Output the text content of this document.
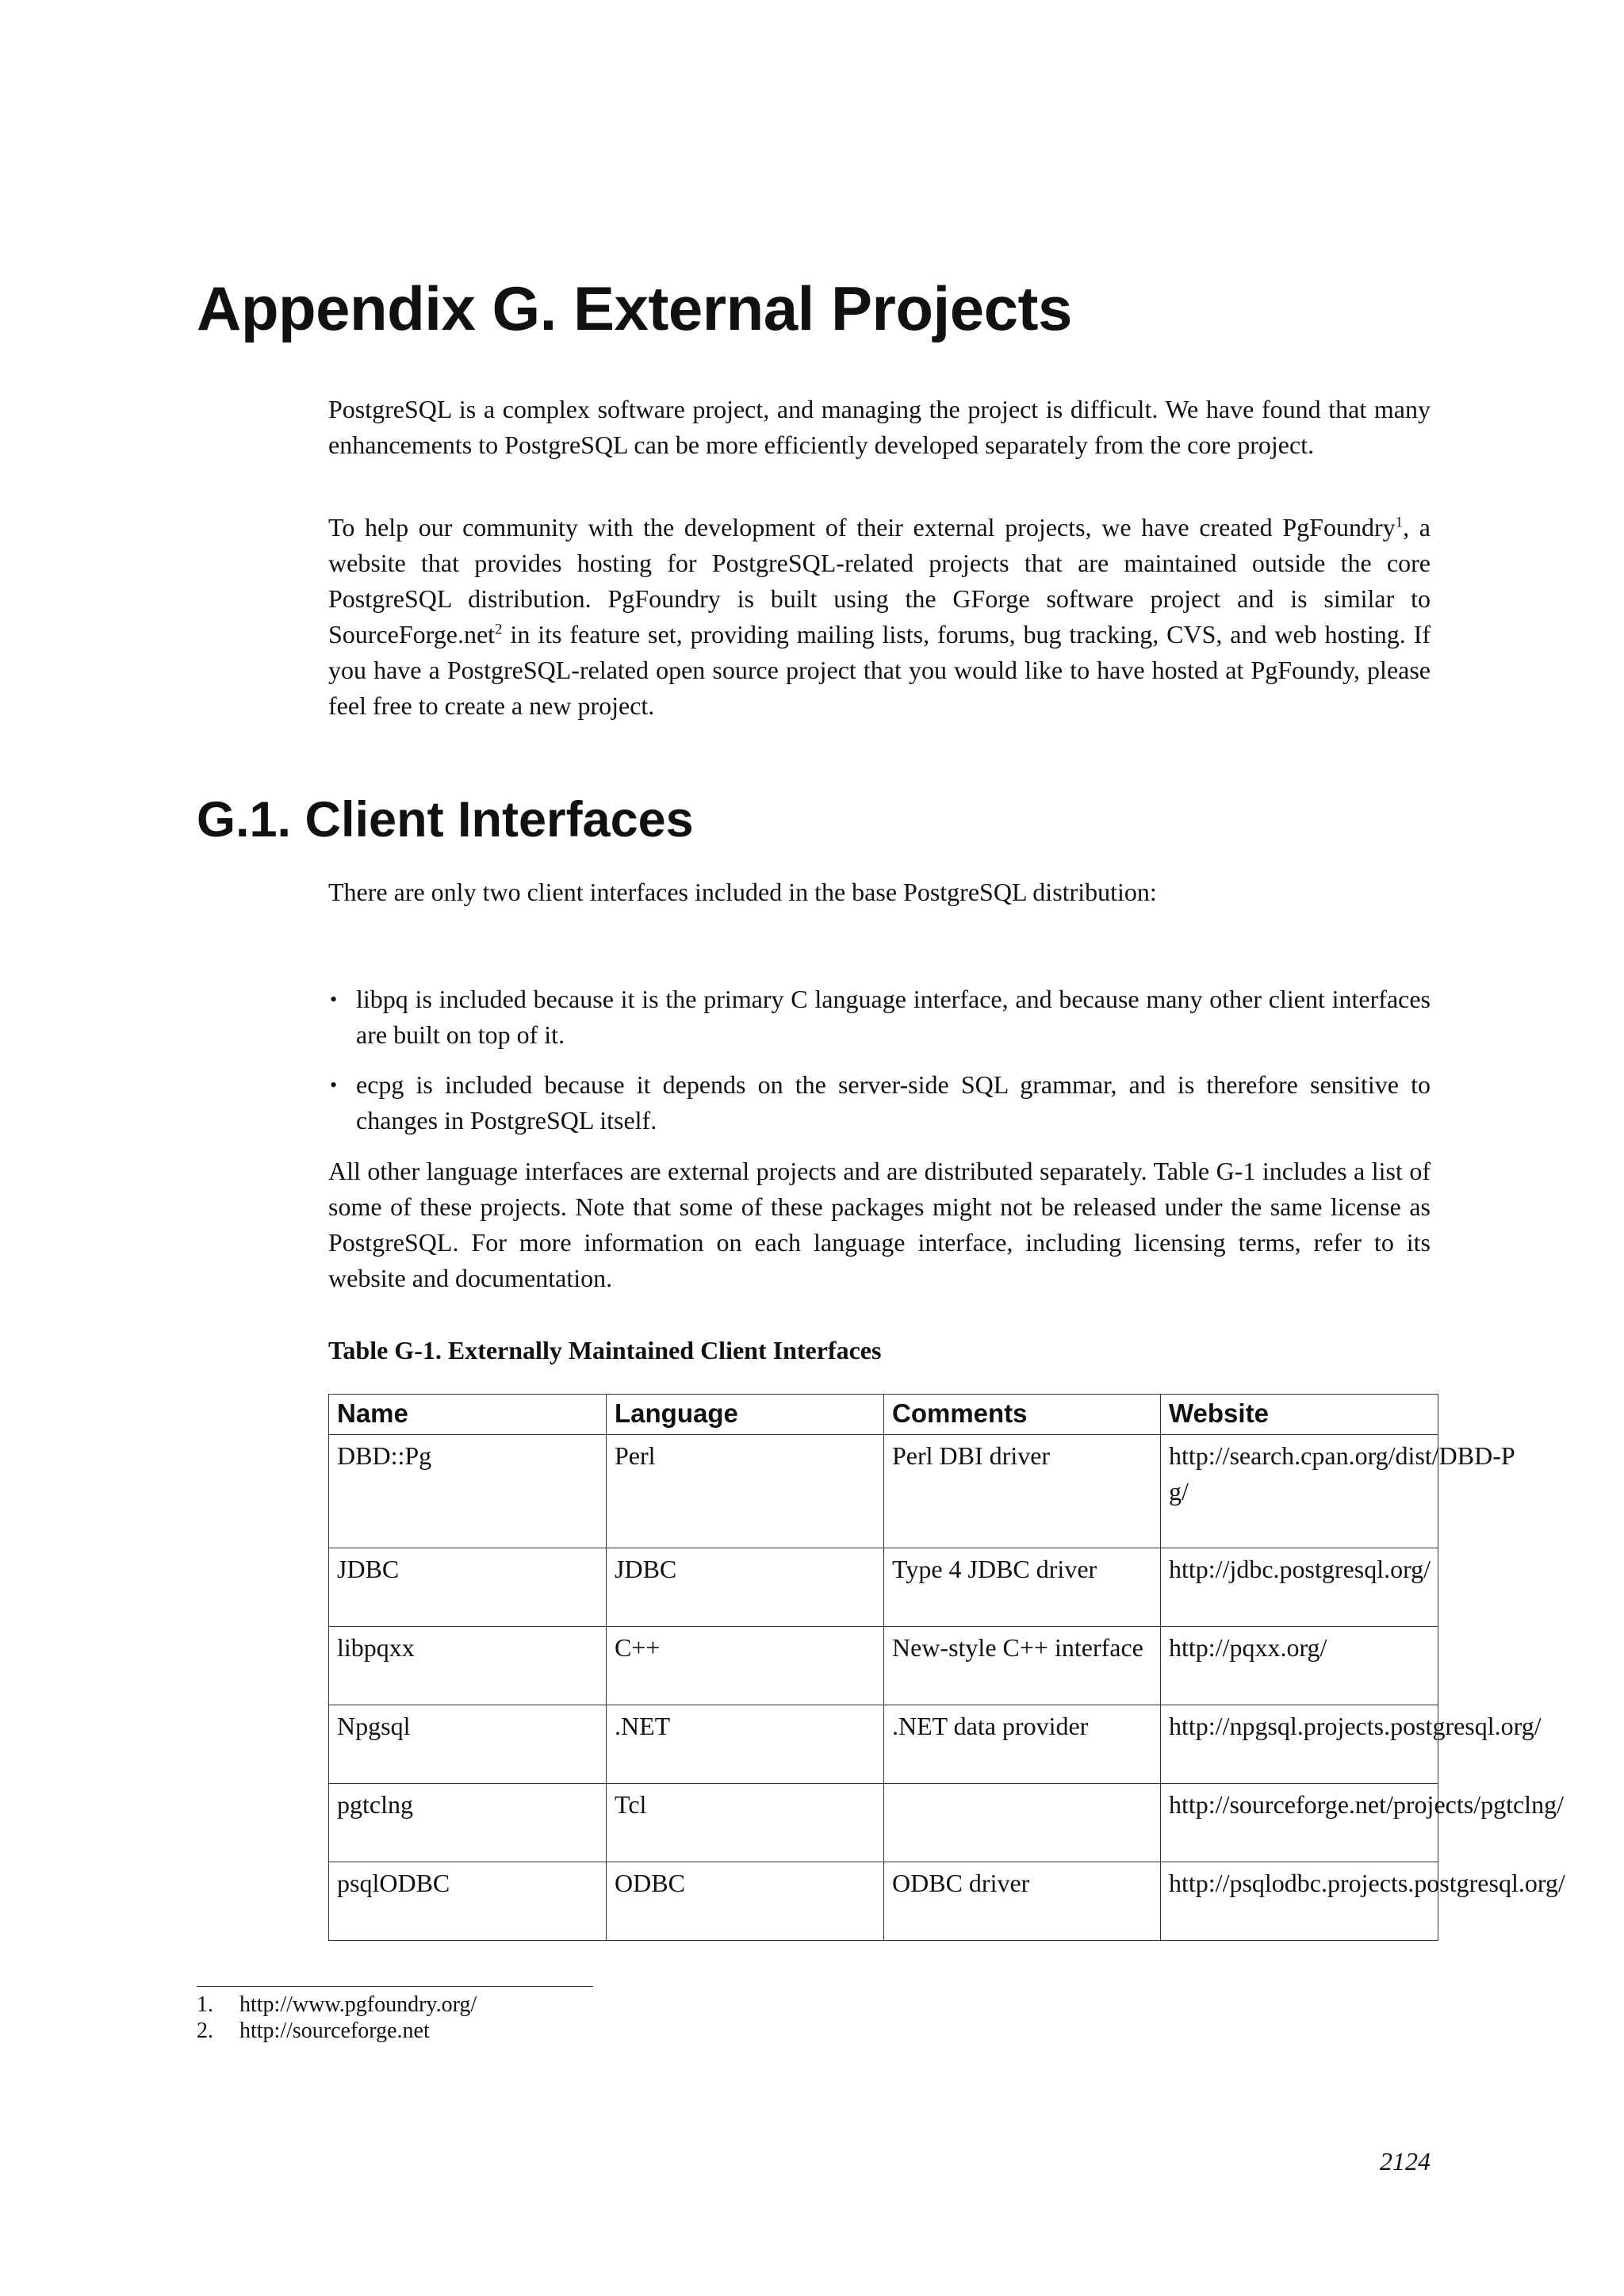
Appendix G. External Projects

PostgreSQL is a complex software project, and managing the project is difficult. We have found that many enhancements to PostgreSQL can be more efficiently developed separately from the core project.

To help our community with the development of their external projects, we have created PgFoundry$^1$, a website that provides hosting for PostgreSQL-related projects that are maintained outside the core PostgreSQL distribution. PgFoundry is built using the GForge software project and is similar to SourceForge.net$^2$ in its feature set, providing mailing lists, forums, bug tracking, CVS, and web hosting. If you have a PostgreSQL-related open source project that you would like to have hosted at PgFoundy, please feel free to create a new project.

G.1. Client Interfaces

There are only two client interfaces included in the base PostgreSQL distribution:

• libpq is included because it is the primary C language interface, and because many other client interfaces are built on top of it.
• ecpg is included because it depends on the server-side SQL grammar, and is therefore sensitive to changes in PostgreSQL itself.

All other language interfaces are external projects and are distributed separately. Table G-1 includes a list of some of these projects. Note that some of these packages might not be released under the same license as PostgreSQL. For more information on each language interface, including licensing terms, refer to its website and documentation.

Table G-1. Externally Maintained Client Interfaces

Name	Language	Comments	Website
DBD::Pg	Perl	Perl DBI driver	http://search.cpan.org/dist/DBD-Pg/
JDBC	JDBC	Type 4 JDBC driver	http://jdbc.postgresql.org/
libpqxx	C++	New-style C++ interface	http://pqxx.org/
Npgsql	.NET	.NET data provider	http://npgsql.projects.postgresql.org/
pgtclng	Tcl		http://sourceforge.net/projects/pgtclng/
psqlODBC	ODBC	ODBC driver	http://psqlodbc.projects.postgresql.org/
1.	http://www.pgfoundry.org/
2.	http://sourceforge.net

2124
